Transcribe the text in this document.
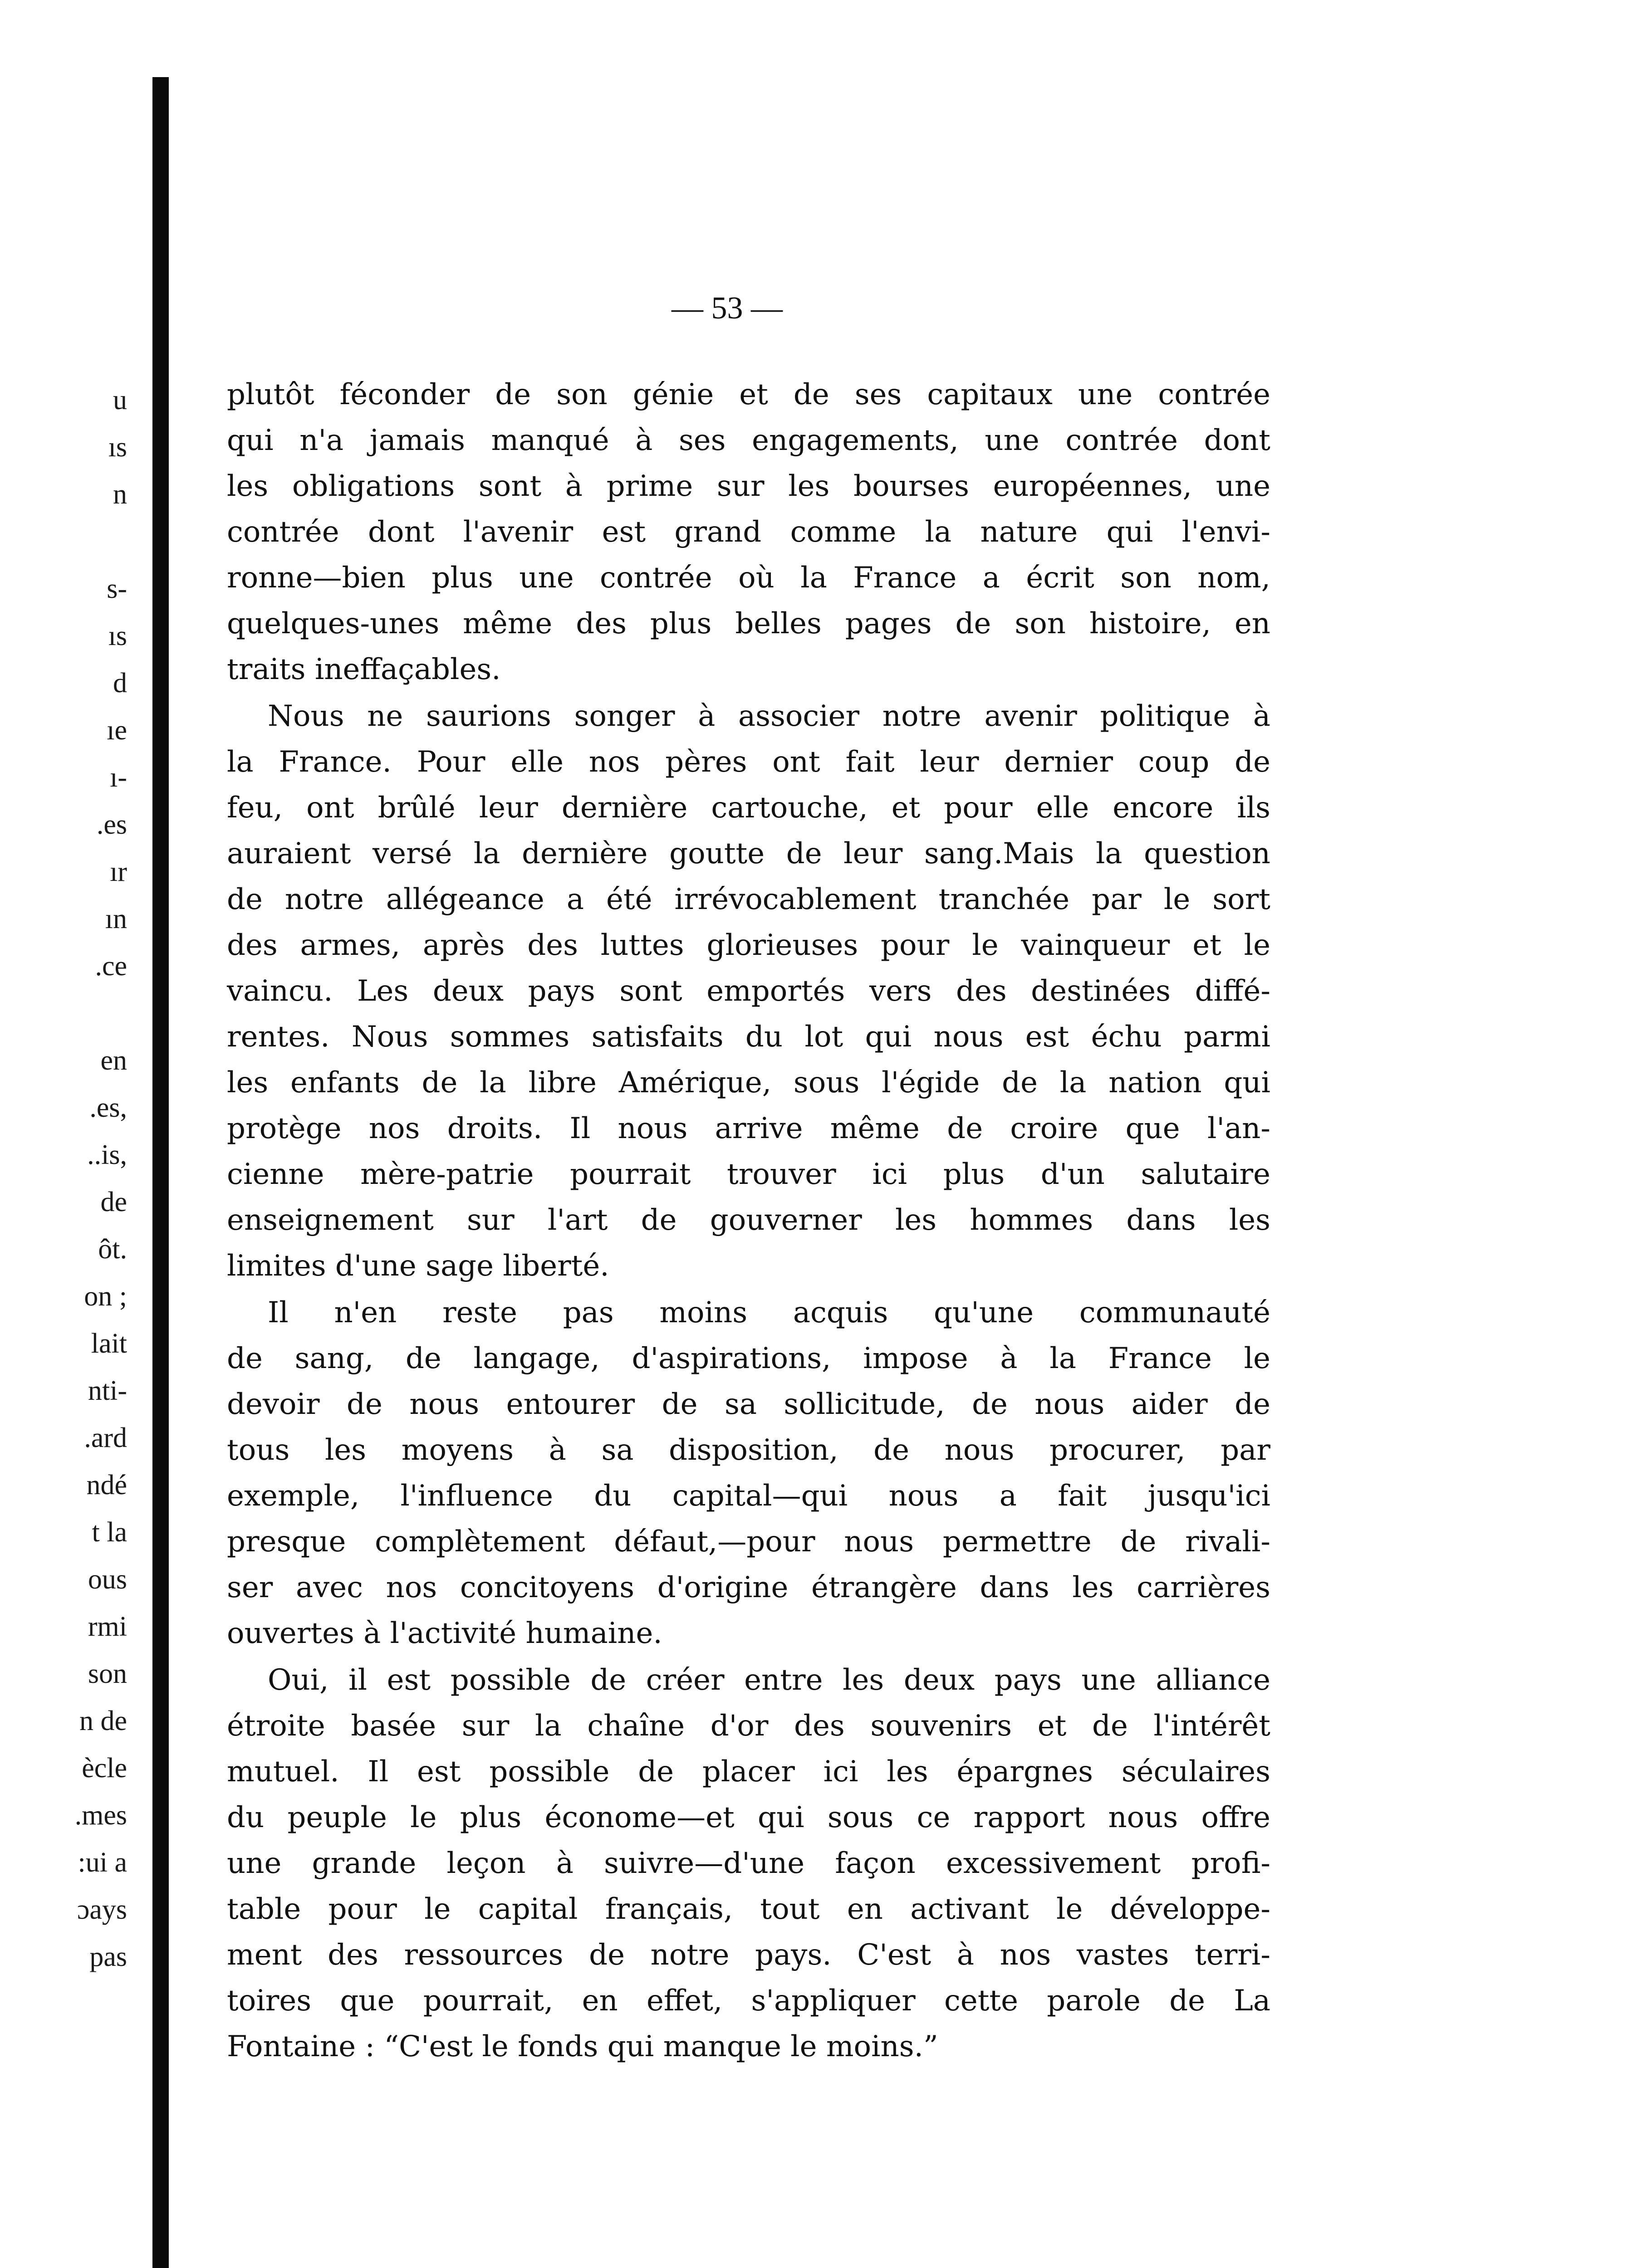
u
ıs
n
s-
ıs
d
ıe
ı-
.es
ır
ın
.ce
en
.es,
..is,
de
ôt.
on ;
lait
nti-
.ard
ndé
t la
ous
rmi
son
n de
ècle
.mes
:ui a
ɔays
pas
— 53 —
plutôt féconder de son génie et de ses capitaux une contrée
qui n'a jamais manqué à ses engagements, une contrée dont
les obligations sont à prime sur les bourses européennes, une
contrée dont l'avenir est grand comme la nature qui l'envi-
ronne—bien plus une contrée où la France a écrit son nom,
quelques-unes même des plus belles pages de son histoire, en
traits ineffaçables.
Nous ne saurions songer à associer notre avenir politique à
la France. Pour elle nos pères ont fait leur dernier coup de
feu, ont brûlé leur dernière cartouche, et pour elle encore ils
auraient versé la dernière goutte de leur sang.Mais la question
de notre allégeance a été irrévocablement tranchée par le sort
des armes, après des luttes glorieuses pour le vainqueur et le
vaincu. Les deux pays sont emportés vers des destinées diffé-
rentes. Nous sommes satisfaits du lot qui nous est échu parmi
les enfants de la libre Amérique, sous l'égide de la nation qui
protège nos droits. Il nous arrive même de croire que l'an-
cienne mère-patrie pourrait trouver ici plus d'un salutaire
enseignement sur l'art de gouverner les hommes dans les
limites d'une sage liberté.
Il n'en reste pas moins acquis qu'une communauté
de sang, de langage, d'aspirations, impose à la France le
devoir de nous entourer de sa sollicitude, de nous aider de
tous les moyens à sa disposition, de nous procurer, par
exemple, l'influence du capital—qui nous a fait jusqu'ici
presque complètement défaut,—pour nous permettre de rivali-
ser avec nos concitoyens d'origine étrangère dans les carrières
ouvertes à l'activité humaine.
Oui, il est possible de créer entre les deux pays une alliance
étroite basée sur la chaîne d'or des souvenirs et de l'intérêt
mutuel. Il est possible de placer ici les épargnes séculaires
du peuple le plus économe—et qui sous ce rapport nous offre
une grande leçon à suivre—d'une façon excessivement profi-
table pour le capital français, tout en activant le développe-
ment des ressources de notre pays. C'est à nos vastes terri-
toires que pourrait, en effet, s'appliquer cette parole de La
Fontaine : “C'est le fonds qui manque le moins.”
